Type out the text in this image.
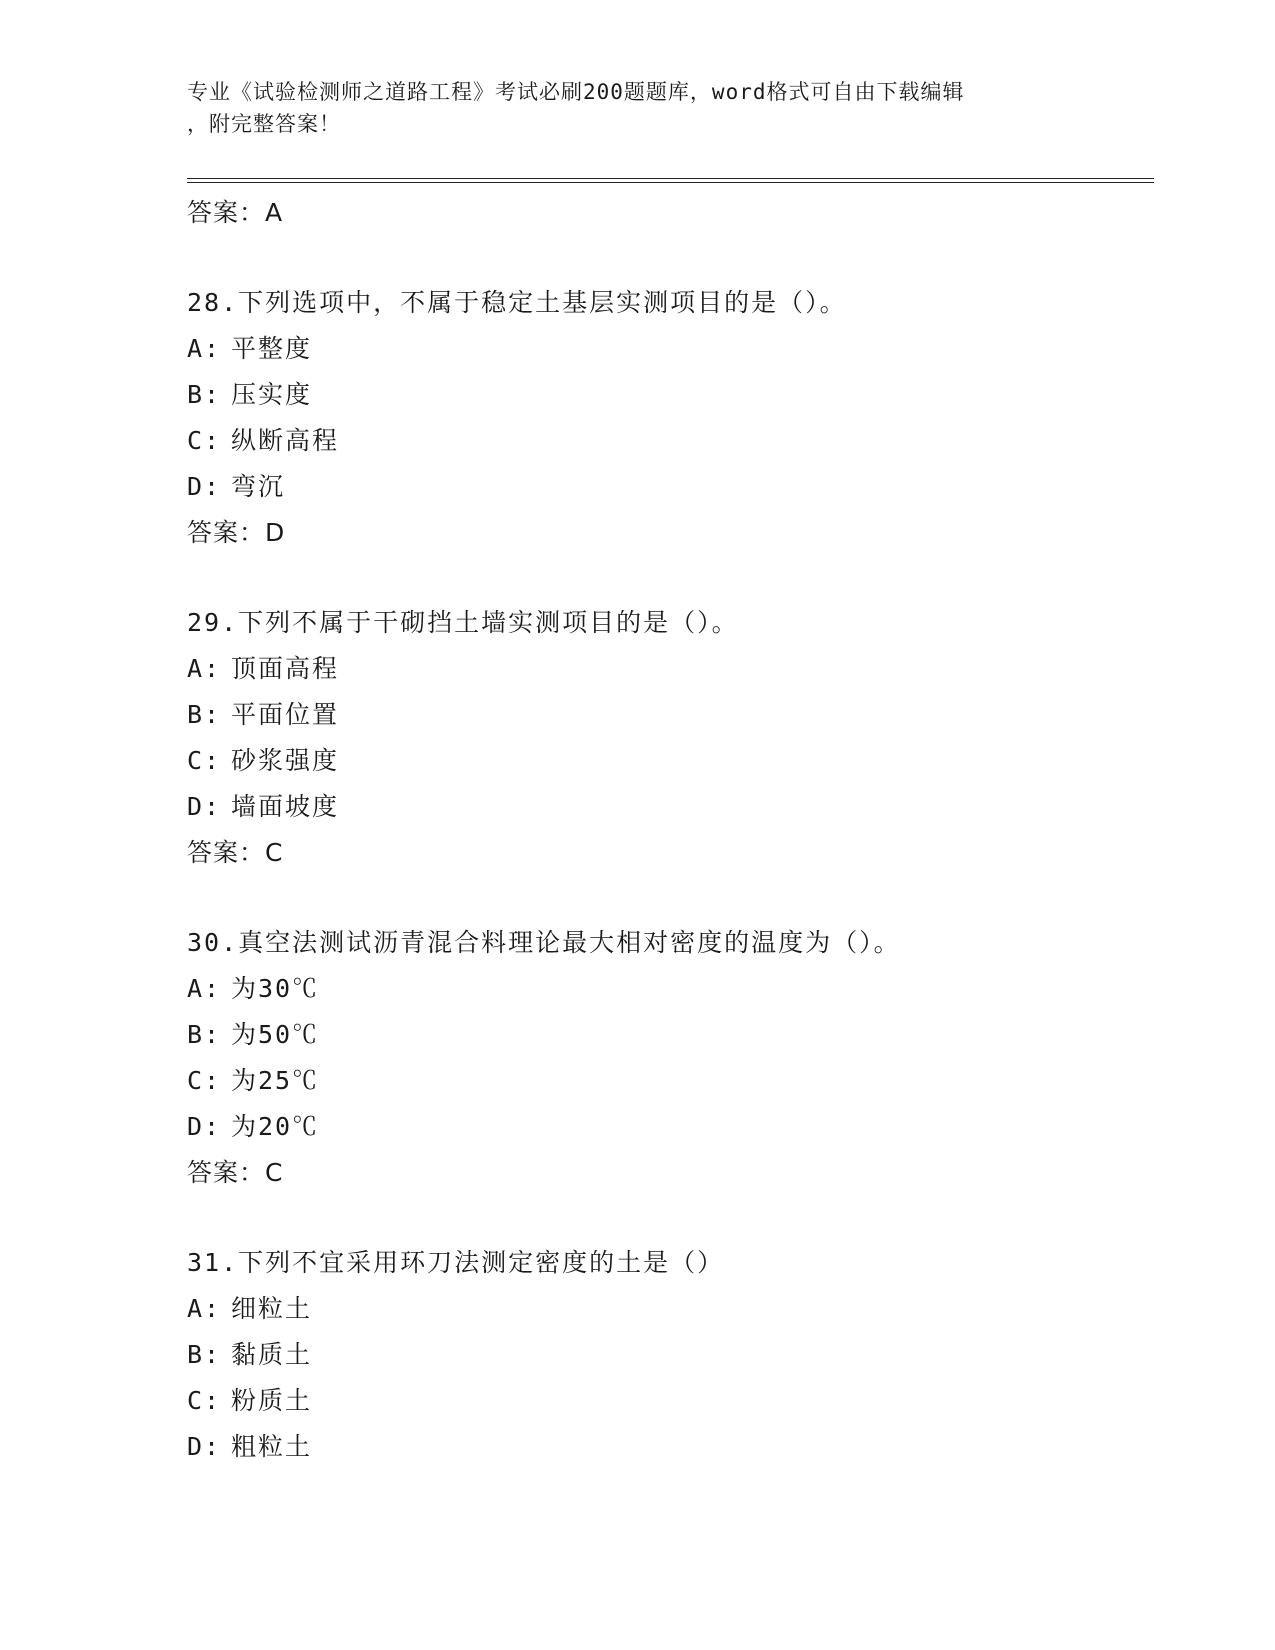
专业《试验检测师之道路工程》考试必刷200题题库，word格式可自由下载编辑
，附完整答案！
答案：A
28.下列选项中，不属于稳定土基层实测项目的是（）。
A: 平整度
B: 压实度
C: 纵断高程
D: 弯沉
答案：D
29.下列不属于干砌挡土墙实测项目的是（）。
A: 顶面高程
B: 平面位置
C: 砂浆强度
D: 墙面坡度
答案：C
30.真空法测试沥青混合料理论最大相对密度的温度为（）。
A: 为30℃
B: 为50℃
C: 为25℃
D: 为20℃
答案：C
31.下列不宜采用环刀法测定密度的土是（）
A: 细粒土
B: 黏质土
C: 粉质土
D: 粗粒土
